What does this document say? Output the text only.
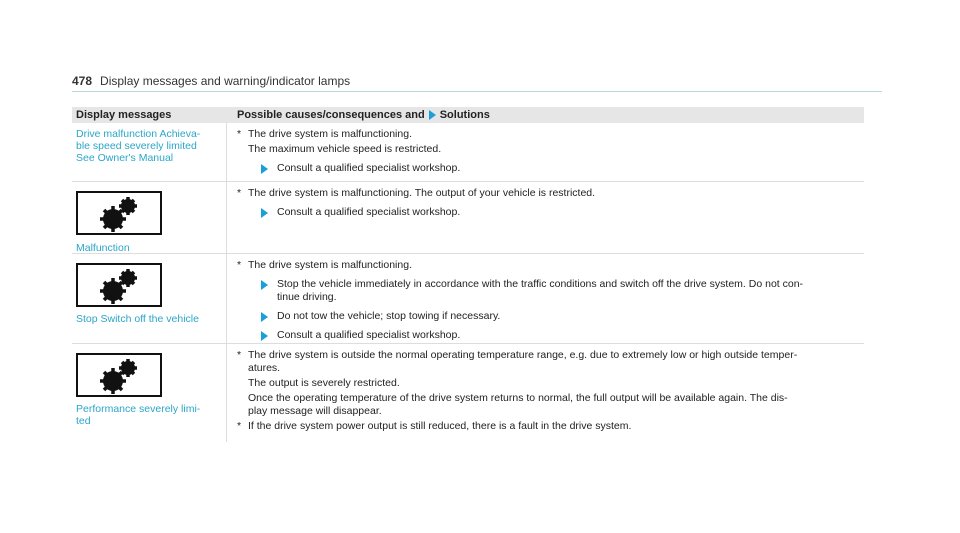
478 Display messages and warning/indicator lamps
Display messages	Possible causes/consequences and Solutions
Drive malfunction Achieva-
ble speed severely limited
See Owner's Manual
* The drive system is malfunctioning.
The maximum vehicle speed is restricted.
Consult a qualified specialist workshop.
Malfunction
* The drive system is malfunctioning. The output of your vehicle is restricted.
Consult a qualified specialist workshop.
Stop Switch off the vehicle
* The drive system is malfunctioning.
Stop the vehicle immediately in accordance with the traffic conditions and switch off the drive system. Do not con-
tinue driving.
Do not tow the vehicle; stop towing if necessary.
Consult a qualified specialist workshop.
Performance severely limi-
ted
* The drive system is outside the normal operating temperature range, e.g. due to extremely low or high outside temper-
atures.
The output is severely restricted.
Once the operating temperature of the drive system returns to normal, the full output will be available again. The dis-
play message will disappear.
* If the drive system power output is still reduced, there is a fault in the drive system.
